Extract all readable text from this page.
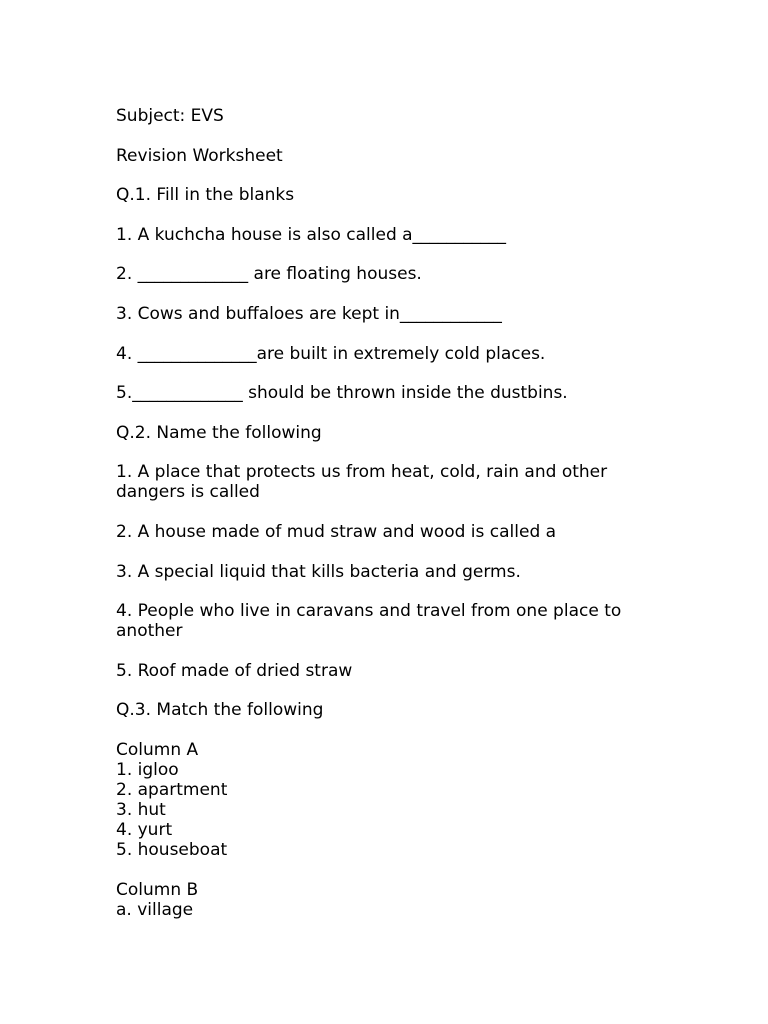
Subject: EVS

Revision Worksheet

Q.1. Fill in the blanks

1. A kuchcha house is also called a___________

2. _____________ are floating houses.

3. Cows and buffaloes are kept in____________

4. ______________are built in extremely cold places.

5._____________ should be thrown inside the dustbins.

Q.2. Name the following

1. A place that protects us from heat, cold, rain and other dangers is called

2. A house made of mud straw and wood is called a

3. A special liquid that kills bacteria and germs.

4. People who live in caravans and travel from one place to another

5. Roof made of dried straw

Q.3. Match the following

Column A

1. igloo

2. apartment

3. hut

4. yurt

5. houseboat

Column B

a. village
